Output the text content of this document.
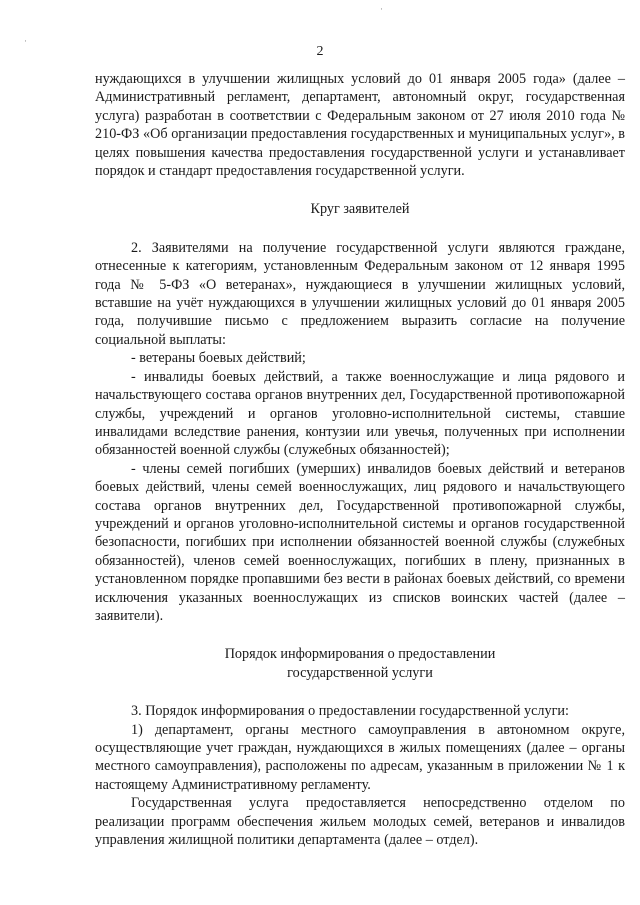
·
·
2

нуждающихся в улучшении жилищных условий до 01 января 2005 года» (далее – Административный регламент, департамент, автономный округ, государственная услуга) разработан в соответствии с Федеральным законом от 27 июля 2010 года № 210-ФЗ «Об организации предоставления государственных и муниципальных услуг», в целях повышения качества предоставления государственной услуги и устанавливает порядок и стандарт предоставления государственной услуги.

Круг заявителей

2. Заявителями на получение государственной услуги являются граждане, отнесенные к категориям, установленным Федеральным законом от 12 января 1995 года № 5-ФЗ «О ветеранах», нуждающиеся в улучшении жилищных условий, вставшие на учёт нуждающихся в улучшении жилищных условий до 01 января 2005 года, получившие письмо с предложением выразить согласие на получение социальной выплаты:

- ветераны боевых действий;

- инвалиды боевых действий, а также военнослужащие и лица рядового и начальствующего состава органов внутренних дел, Государственной противопожарной службы, учреждений и органов уголовно-исполнительной системы, ставшие инвалидами вследствие ранения, контузии или увечья, полученных при исполнении обязанностей военной службы (служебных обязанностей);

- члены семей погибших (умерших) инвалидов боевых действий и ветеранов боевых действий, члены семей военнослужащих, лиц рядового и начальствующего состава органов внутренних дел, Государственной противопожарной службы, учреждений и органов уголовно-исполнительной системы и органов государственной безопасности, погибших при исполнении обязанностей военной службы (служебных обязанностей), членов семей военнослужащих, погибших в плену, признанных в установленном порядке пропавшими без вести в районах боевых действий, со времени исключения указанных военнослужащих из списков воинских частей (далее – заявители).

Порядок информирования о предоставлении
государственной услуги

3. Порядок информирования о предоставлении государственной услуги:

1) департамент, органы местного самоуправления в автономном округе, осуществляющие учет граждан, нуждающихся в жилых помещениях (далее – органы местного самоуправления), расположены по адресам, указанным в приложении № 1 к настоящему Административному регламенту.

Государственная услуга предоставляется непосредственно отделом по реализации программ обеспечения жильем молодых семей, ветеранов и инвалидов управления жилищной политики департамента (далее – отдел).
